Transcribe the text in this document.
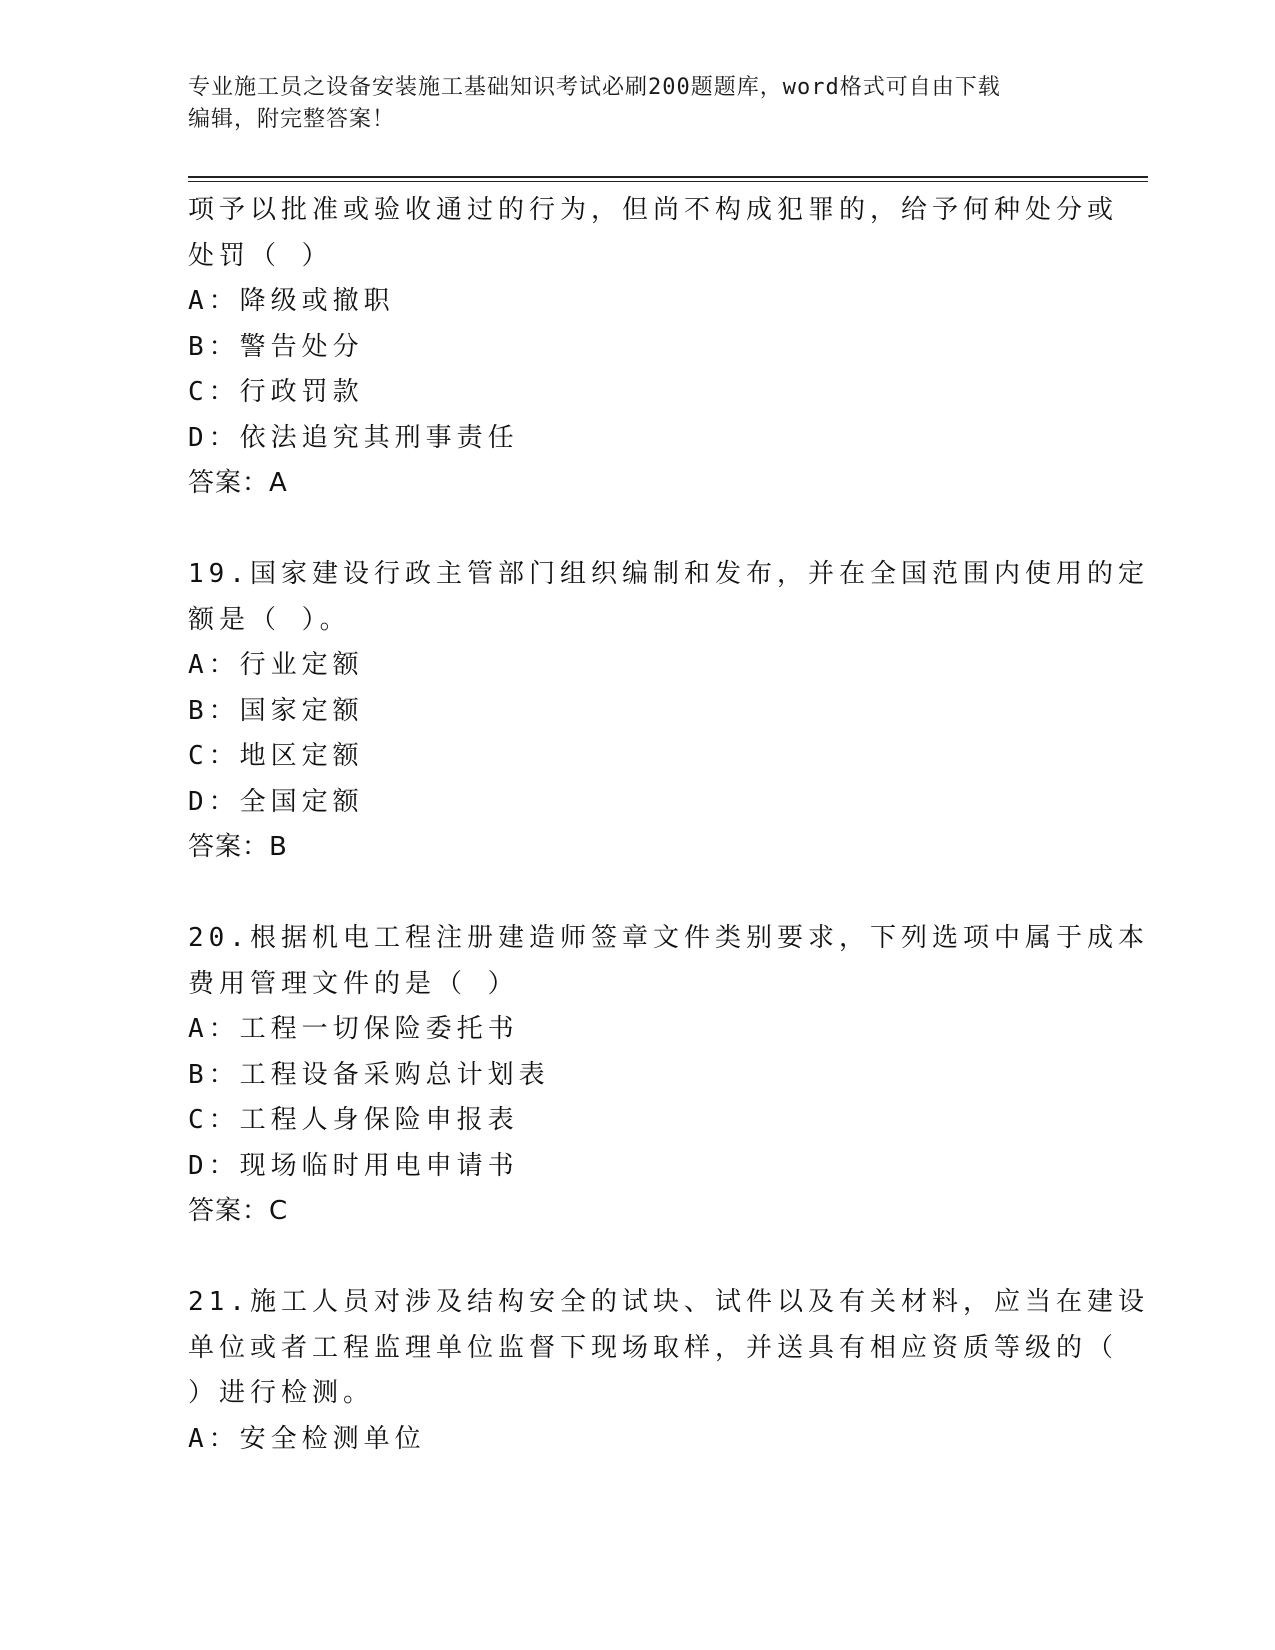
专业施工员之设备安装施工基础知识考试必刷200题题库，word格式可自由下载
编辑，附完整答案！
项予以批准或验收通过的行为，但尚不构成犯罪的，给予何种处分或
处罚（ ）
A：降级或撤职
B：警告处分
C：行政罚款
D：依法追究其刑事责任
答案：A
19.国家建设行政主管部门组织编制和发布，并在全国范围内使用的定
额是（ ）。
A：行业定额
B：国家定额
C：地区定额
D：全国定额
答案：B
20.根据机电工程注册建造师签章文件类别要求，下列选项中属于成本
费用管理文件的是（ ）
A：工程一切保险委托书
B：工程设备采购总计划表
C：工程人身保险申报表
D：现场临时用电申请书
答案：C
21.施工人员对涉及结构安全的试块、试件以及有关材料，应当在建设
单位或者工程监理单位监督下现场取样，并送具有相应资质等级的（
）进行检测。
A：安全检测单位
